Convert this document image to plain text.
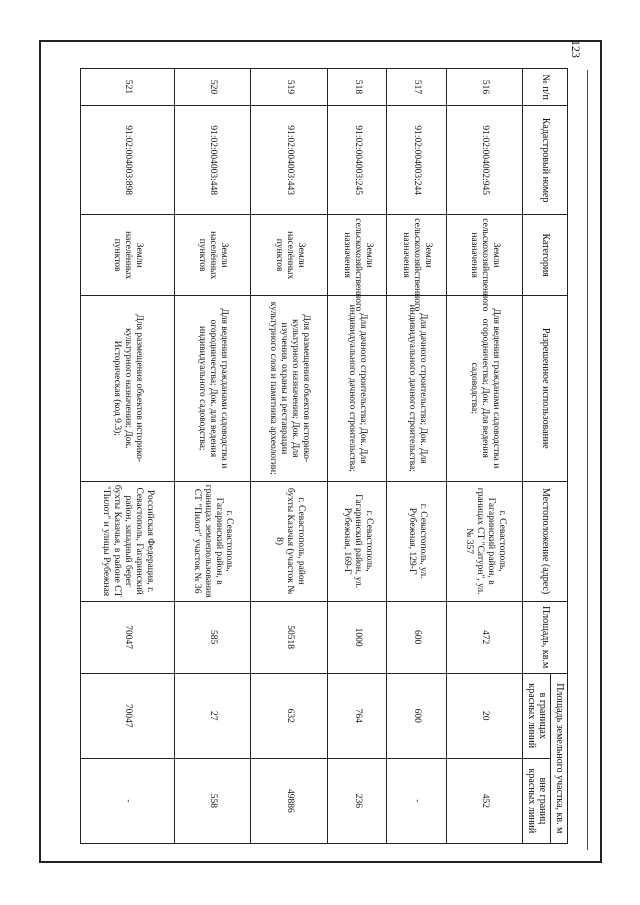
123
№ п/п	Кадастровый номер	Категория	Разрешенное использование	Местоположение (адрес)	Площадь, кв.м	Площадь земельного участка, кв. м	
						в границах красных линий	вне границ красных линий
516	91:02:004002:945	Земли сельскохозяйственного назначения	Для ведения гражданами садоводства и огородничества; Док. Для ведения садоводства;	г. Севастополь, Гагаринский район, в границах СТ "Сатурн", ул. № 357	472	20	452
517	91:02:004003:244	Земли сельскохозяйственного назначения	Для дачного строительства; Док. Для индивидуального дачного строительства;	г. Севастополь, ул. Рубежная, 129-Г	600	600	-
518	91:02:004003:245	Земли сельскохозяйственного назначения	Для дачного строительства; Док. Для индивидуального дачного строительства;	г. Севастополь, Гагаринский район, ул. Рубежная, 169-Г	1000	764	236
519	91:02:004003:443	Земли населённых пунктов	Для размещения объектов историко-культурного назначения; Док. Для изучения, охраны и реставрации культурного слоя и памятника археологии;	г. Севастополь, район бухты Казачья (участок № 8)	50518	632	49886
520	91:02:004003:448	Земли населённых пунктов	Для ведения гражданами садоводства и огородничества; Док. для ведения индивидуального садоводства;	г. Севастополь, Гагаринский район, в границах землепользования СТ "Пилот" участок № 36	585	27	558
521	91:02:004003:898	Земли населённых пунктов	Для размещения объектов историко-культурного назначения; Док. Историческая (код 9.3);	Российская Федерация, г. Севастополь, Гагаринский район, западный берег бухты Казачья, в районе СТ "Пилот" и улицы Рубежная	70047	70047	-
